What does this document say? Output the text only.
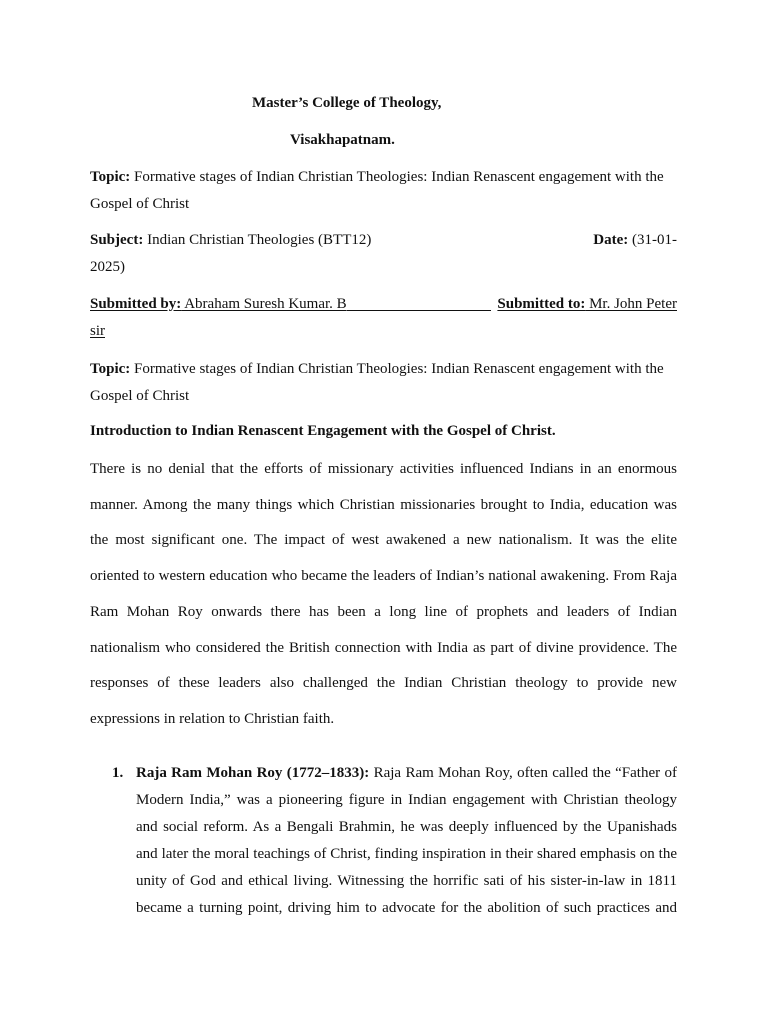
Master’s College of Theology,
Visakhapatnam.
Topic: Formative stages of Indian Christian Theologies: Indian Renascent engagement with the Gospel of Christ
Subject: Indian Christian Theologies (BTT12)	Date: (31-01-
2025)
Submitted by: Abraham Suresh Kumar. B	Submitted to: Mr. John Peter
sir
Topic: Formative stages of Indian Christian Theologies: Indian Renascent engagement with the Gospel of Christ
Introduction to Indian Renascent Engagement with the Gospel of Christ.
There is no denial that the efforts of missionary activities influenced Indians in an enormous manner. Among the many things which Christian missionaries brought to India, education was the most significant one. The impact of west awakened a new nationalism. It was the elite oriented to western education who became the leaders of Indian’s national awakening. From Raja Ram Mohan Roy onwards there has been a long line of prophets and leaders of Indian nationalism who considered the British connection with India as part of divine providence. The responses of these leaders also challenged the Indian Christian theology to provide new expressions in relation to Christian faith.
1. Raja Ram Mohan Roy (1772–1833): Raja Ram Mohan Roy, often called the “Father of Modern India,” was a pioneering figure in Indian engagement with Christian theology and social reform. As a Bengali Brahmin, he was deeply influenced by the Upanishads and later the moral teachings of Christ, finding inspiration in their shared emphasis on the unity of God and ethical living. Witnessing the horrific sati of his sister-in-law in 1811 became a turning point, driving him to advocate for the abolition of such practices and
